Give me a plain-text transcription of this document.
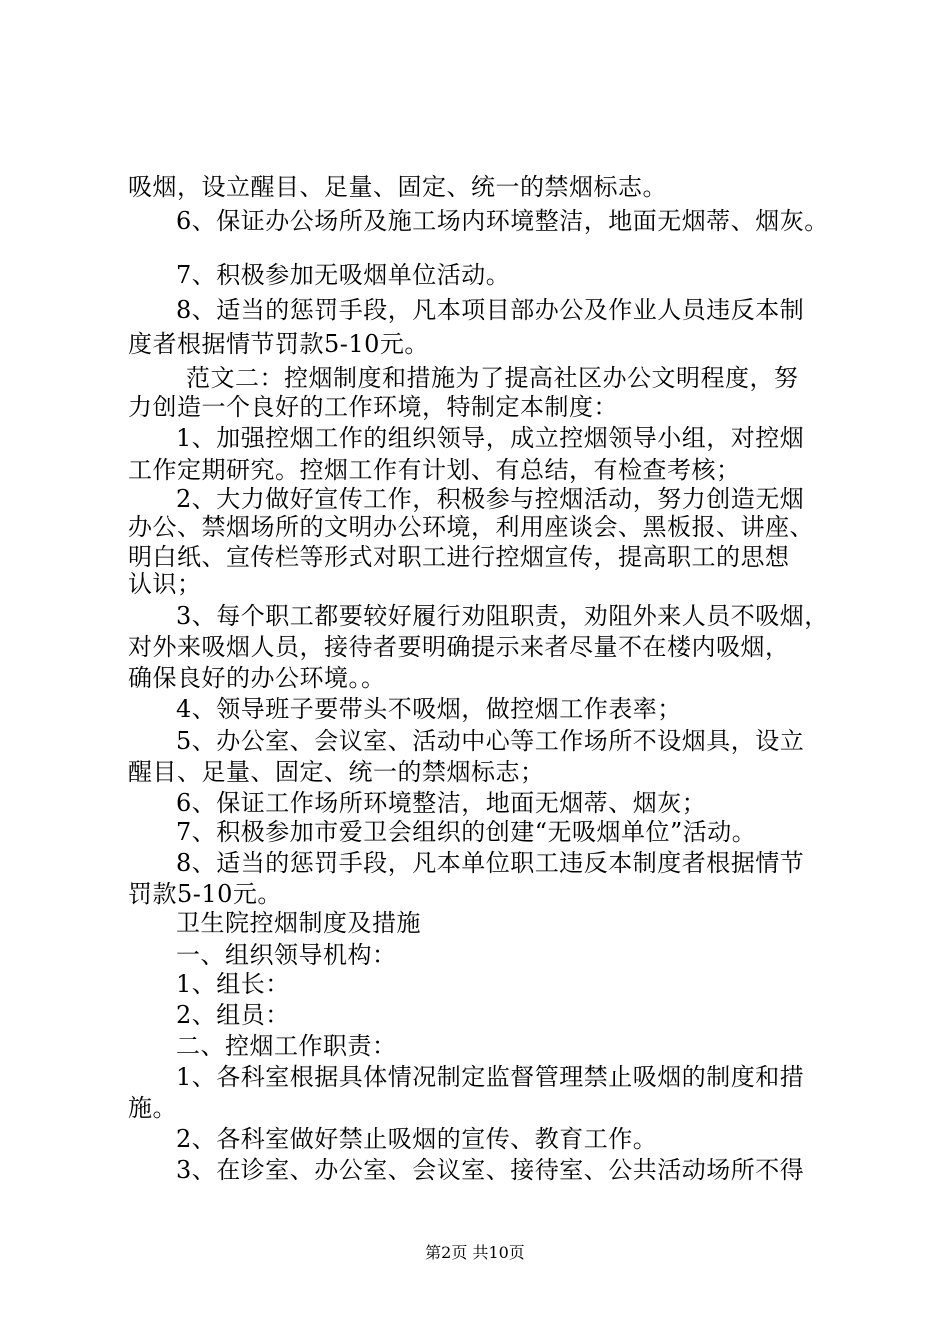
吸烟，设立醒目、足量、固定、统一的禁烟标志。
6、保证办公场所及施工场内环境整洁，地面无烟蒂、烟灰。
7、积极参加无吸烟单位活动。
8、适当的惩罚手段，凡本项目部办公及作业人员违反本制
度者根据情节罚款5-10元。
范文二：控烟制度和措施为了提高社区办公文明程度，努
力创造一个良好的工作环境，特制定本制度：
1、加强控烟工作的组织领导，成立控烟领导小组，对控烟
工作定期研究。控烟工作有计划、有总结，有检查考核；
2、大力做好宣传工作，积极参与控烟活动，努力创造无烟
办公、禁烟场所的文明办公环境，利用座谈会、黑板报、讲座、
明白纸、宣传栏等形式对职工进行控烟宣传，提高职工的思想
认识；
3、每个职工都要较好履行劝阻职责，劝阻外来人员不吸烟，
对外来吸烟人员，接待者要明确提示来者尽量不在楼内吸烟，
确保良好的办公环境。。
4、领导班子要带头不吸烟，做控烟工作表率；
5、办公室、会议室、活动中心等工作场所不设烟具，设立
醒目、足量、固定、统一的禁烟标志；
6、保证工作场所环境整洁，地面无烟蒂、烟灰；
7、积极参加市爱卫会组织的创建“无吸烟单位”活动。
8、适当的惩罚手段，凡本单位职工违反本制度者根据情节
罚款5-10元。
卫生院控烟制度及措施
一、组织领导机构：
1、组长：
2、组员：
二、控烟工作职责：
1、各科室根据具体情况制定监督管理禁止吸烟的制度和措
施。
2、各科室做好禁止吸烟的宣传、教育工作。
3、在诊室、办公室、会议室、接待室、公共活动场所不得
第2页 共10页
